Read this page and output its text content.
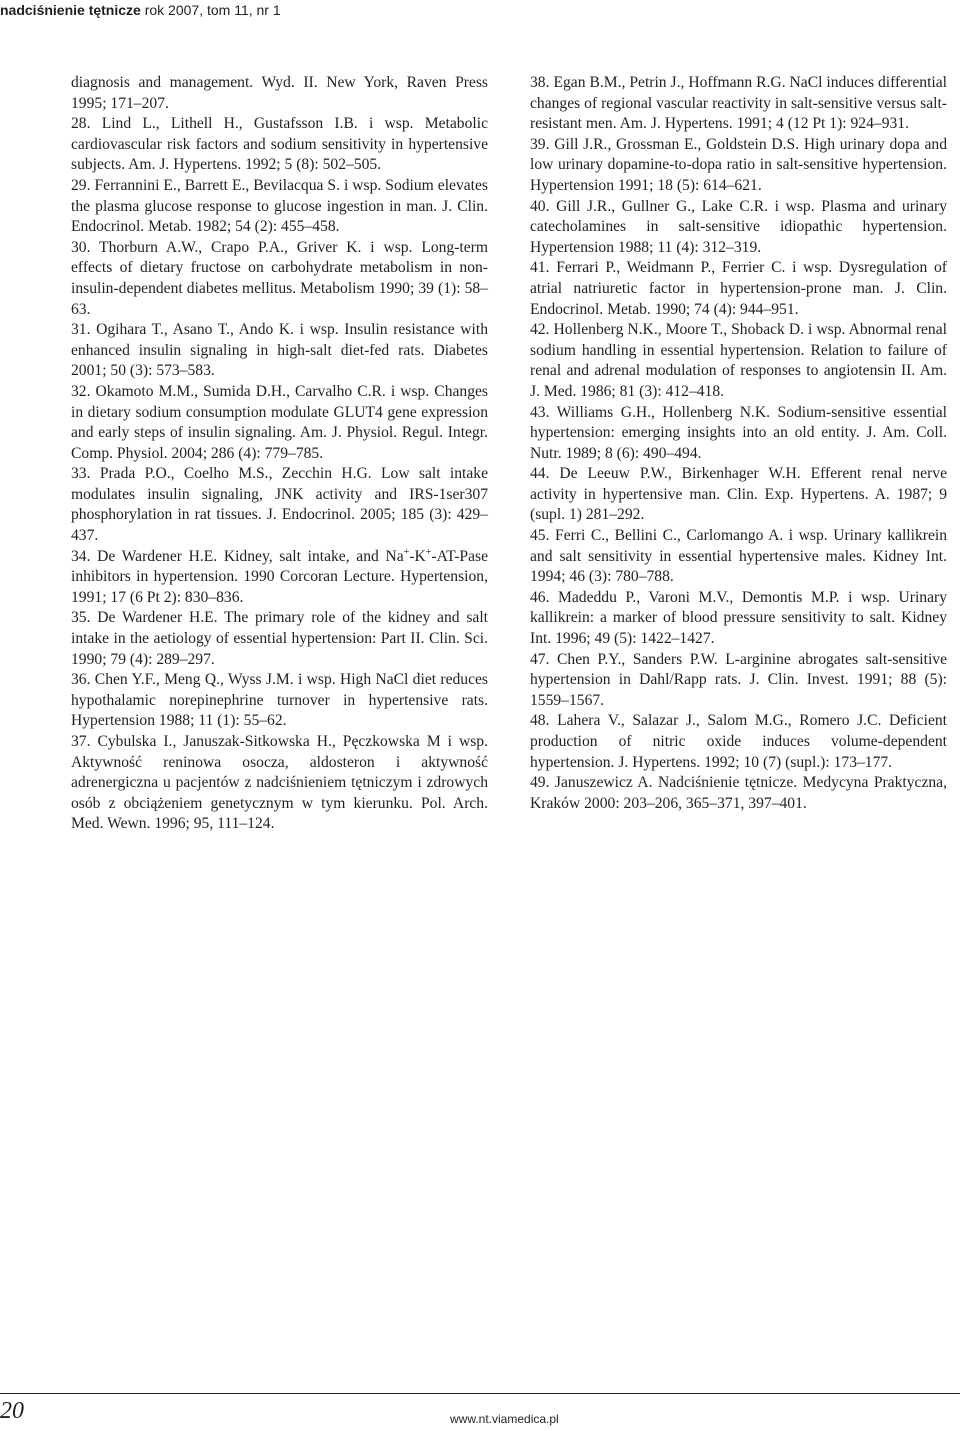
nadciśnienie tętnicze rok 2007, tom 11, nr 1

diagnosis and management. Wyd. II. New York, Raven Press 1995; 171–207.

28. Lind L., Lithell H., Gustafsson I.B. i wsp. Metabolic cardiovascular risk factors and sodium sensitivity in hypertensive subjects. Am. J. Hypertens. 1992; 5 (8): 502–505.

29. Ferrannini E., Barrett E., Bevilacqua S. i wsp. Sodium elevates the plasma glucose response to glucose ingestion in man. J. Clin. Endocrinol. Metab. 1982; 54 (2): 455–458.

30. Thorburn A.W., Crapo P.A., Griver K. i wsp. Long-term effects of dietary fructose on carbohydrate metabolism in non-insulin-dependent diabetes mellitus. Metabolism 1990; 39 (1): 58–63.

31. Ogihara T., Asano T., Ando K. i wsp. Insulin resistance with enhanced insulin signaling in high-salt diet-fed rats. Diabetes 2001; 50 (3): 573–583.

32. Okamoto M.M., Sumida D.H., Carvalho C.R. i wsp. Changes in dietary sodium consumption modulate GLUT4 gene expression and early steps of insulin signaling. Am. J. Physiol. Regul. Integr. Comp. Physiol. 2004; 286 (4): 779–785.

33. Prada P.O., Coelho M.S., Zecchin H.G. Low salt intake modulates insulin signaling, JNK activity and IRS-1ser307 phosphorylation in rat tissues. J. Endocrinol. 2005; 185 (3): 429–437.

34. De Wardener H.E. Kidney, salt intake, and Na+-K+-AT-Pase inhibitors in hypertension. 1990 Corcoran Lecture. Hypertension, 1991; 17 (6 Pt 2): 830–836.

35. De Wardener H.E. The primary role of the kidney and salt intake in the aetiology of essential hypertension: Part II. Clin. Sci. 1990; 79 (4): 289–297.

36. Chen Y.F., Meng Q., Wyss J.M. i wsp. High NaCl diet reduces hypothalamic norepinephrine turnover in hypertensive rats. Hypertension 1988; 11 (1): 55–62.

37. Cybulska I., Januszak-Sitkowska H., Pęczkowska M i wsp. Aktywność reninowa osocza, aldosteron i aktywność adrenergiczna u pacjentów z nadciśnieniem tętniczym i zdrowych osób z obciążeniem genetycznym w tym kierunku. Pol. Arch. Med. Wewn. 1996; 95, 111–124.

38. Egan B.M., Petrin J., Hoffmann R.G. NaCl induces differential changes of regional vascular reactivity in salt-sensitive versus salt-resistant men. Am. J. Hypertens. 1991; 4 (12 Pt 1): 924–931.

39. Gill J.R., Grossman E., Goldstein D.S. High urinary dopa and low urinary dopamine-to-dopa ratio in salt-sensitive hypertension. Hypertension 1991; 18 (5): 614–621.

40. Gill J.R., Gullner G., Lake C.R. i wsp. Plasma and urinary catecholamines in salt-sensitive idiopathic hypertension. Hypertension 1988; 11 (4): 312–319.

41. Ferrari P., Weidmann P., Ferrier C. i wsp. Dysregulation of atrial natriuretic factor in hypertension-prone man. J. Clin. Endocrinol. Metab. 1990; 74 (4): 944–951.

42. Hollenberg N.K., Moore T., Shoback D. i wsp. Abnormal renal sodium handling in essential hypertension. Relation to failure of renal and adrenal modulation of responses to angiotensin II. Am. J. Med. 1986; 81 (3): 412–418.

43. Williams G.H., Hollenberg N.K. Sodium-sensitive essential hypertension: emerging insights into an old entity. J. Am. Coll. Nutr. 1989; 8 (6): 490–494.

44. De Leeuw P.W., Birkenhager W.H. Efferent renal nerve activity in hypertensive man. Clin. Exp. Hypertens. A. 1987; 9 (supl. 1) 281–292.

45. Ferri C., Bellini C., Carlomango A. i wsp. Urinary kallikrein and salt sensitivity in essential hypertensive males. Kidney Int. 1994; 46 (3): 780–788.

46. Madeddu P., Varoni M.V., Demontis M.P. i wsp. Urinary kallikrein: a marker of blood pressure sensitivity to salt. Kidney Int. 1996; 49 (5): 1422–1427.

47. Chen P.Y., Sanders P.W. L-arginine abrogates salt-sensitive hypertension in Dahl/Rapp rats. J. Clin. Invest. 1991; 88 (5): 1559–1567.

48. Lahera V., Salazar J., Salom M.G., Romero J.C. Deficient production of nitric oxide induces volume-dependent hypertension. J. Hypertens. 1992; 10 (7) (supl.): 173–177.

49. Januszewicz A. Nadciśnienie tętnicze. Medycyna Praktyczna, Kraków 2000: 203–206, 365–371, 397–401.

20	www.nt.viamedica.pl
